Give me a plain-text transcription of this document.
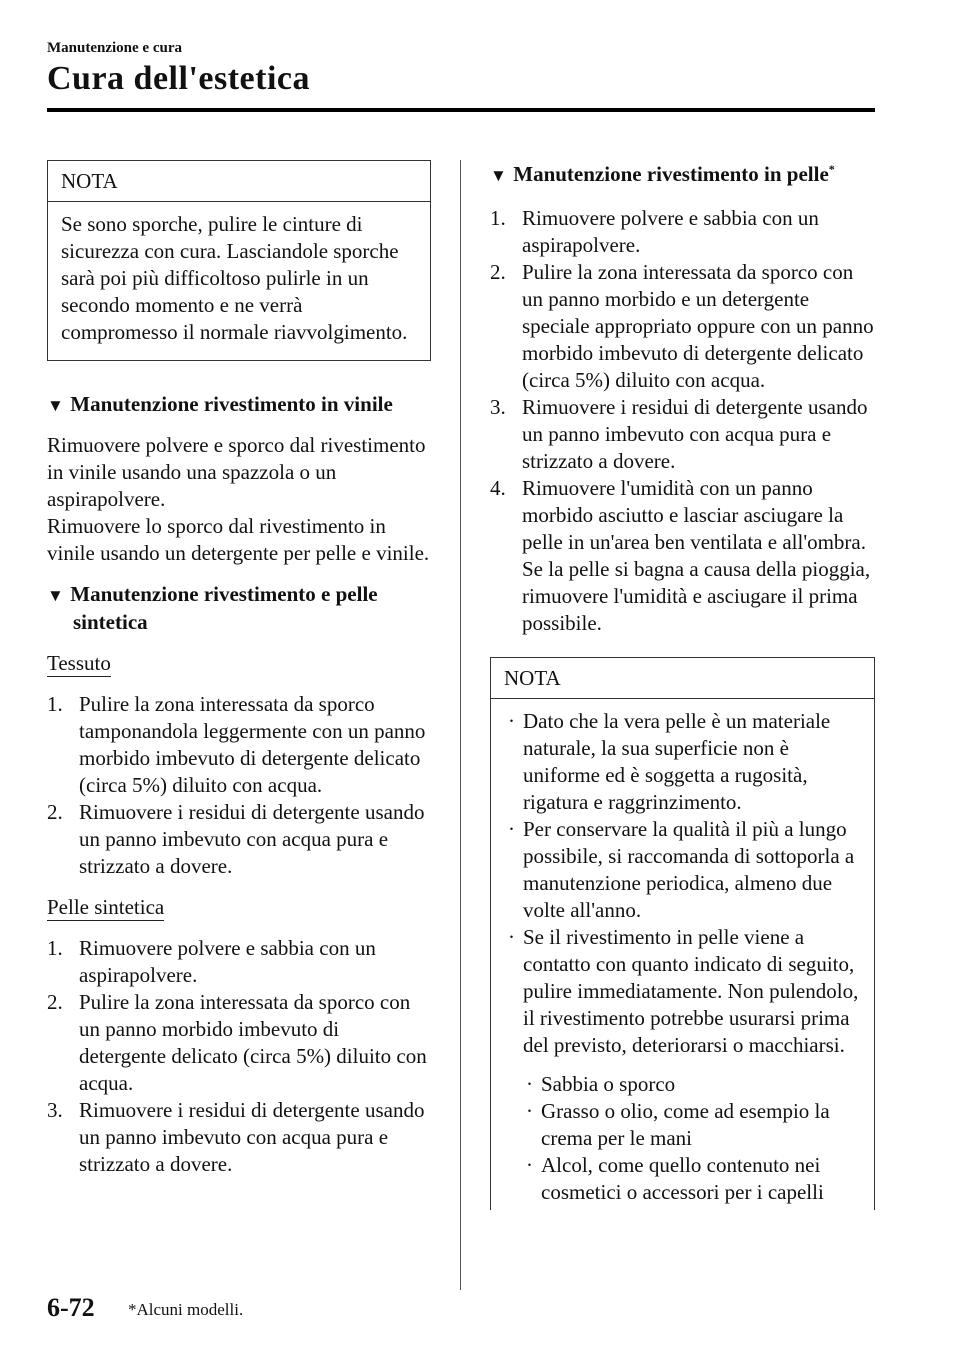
Manutenzione e cura
Cura dell'estetica
NOTA
Se sono sporche, pulire le cinture di sicurezza con cura. Lasciandole sporche sarà poi più difficoltoso pulirle in un secondo momento e ne verrà compromesso il normale riavvolgimento.
▼ Manutenzione rivestimento in vinile

Rimuovere polvere e sporco dal rivestimento in vinile usando una spazzola o un aspirapolvere.

Rimuovere lo sporco dal rivestimento in vinile usando un detergente per pelle e vinile.

▼ Manutenzione rivestimento e pelle
sintetica
Tessuto
1. Pulire la zona interessata da sporco tamponandola leggermente con un panno morbido imbevuto di detergente delicato (circa 5%) diluito con acqua.
2. Rimuovere i residui di detergente usando un panno imbevuto con acqua pura e strizzato a dovere.
Pelle sintetica
1. Rimuovere polvere e sabbia con un aspirapolvere.
2. Pulire la zona interessata da sporco con un panno morbido imbevuto di detergente delicato (circa 5%) diluito con acqua.
3. Rimuovere i residui di detergente usando un panno imbevuto con acqua pura e strizzato a dovere.
▼ Manutenzione rivestimento in pelle*
1. Rimuovere polvere e sabbia con un aspirapolvere.
2. Pulire la zona interessata da sporco con un panno morbido e un detergente speciale appropriato oppure con un panno morbido imbevuto di detergente delicato (circa 5%) diluito con acqua.
3. Rimuovere i residui di detergente usando un panno imbevuto con acqua pura e strizzato a dovere.
4. Rimuovere l'umidità con un panno morbido asciutto e lasciar asciugare la pelle in un'area ben ventilata e all'ombra. Se la pelle si bagna a causa della pioggia, rimuovere l'umidità e asciugare il prima possibile.
NOTA
· Dato che la vera pelle è un materiale naturale, la sua superficie non è uniforme ed è soggetta a rugosità, rigatura e raggrinzimento.
· Per conservare la qualità il più a lungo possibile, si raccomanda di sottoporla a manutenzione periodica, almeno due volte all'anno.
· Se il rivestimento in pelle viene a contatto con quanto indicato di seguito, pulire immediatamente. Non pulendolo, il rivestimento potrebbe usurarsi prima del previsto, deteriorarsi o macchiarsi.
· Sabbia o sporco
· Grasso o olio, come ad esempio la crema per le mani
· Alcol, come quello contenuto nei cosmetici o accessori per i capelli
6-72 *Alcuni modelli.
